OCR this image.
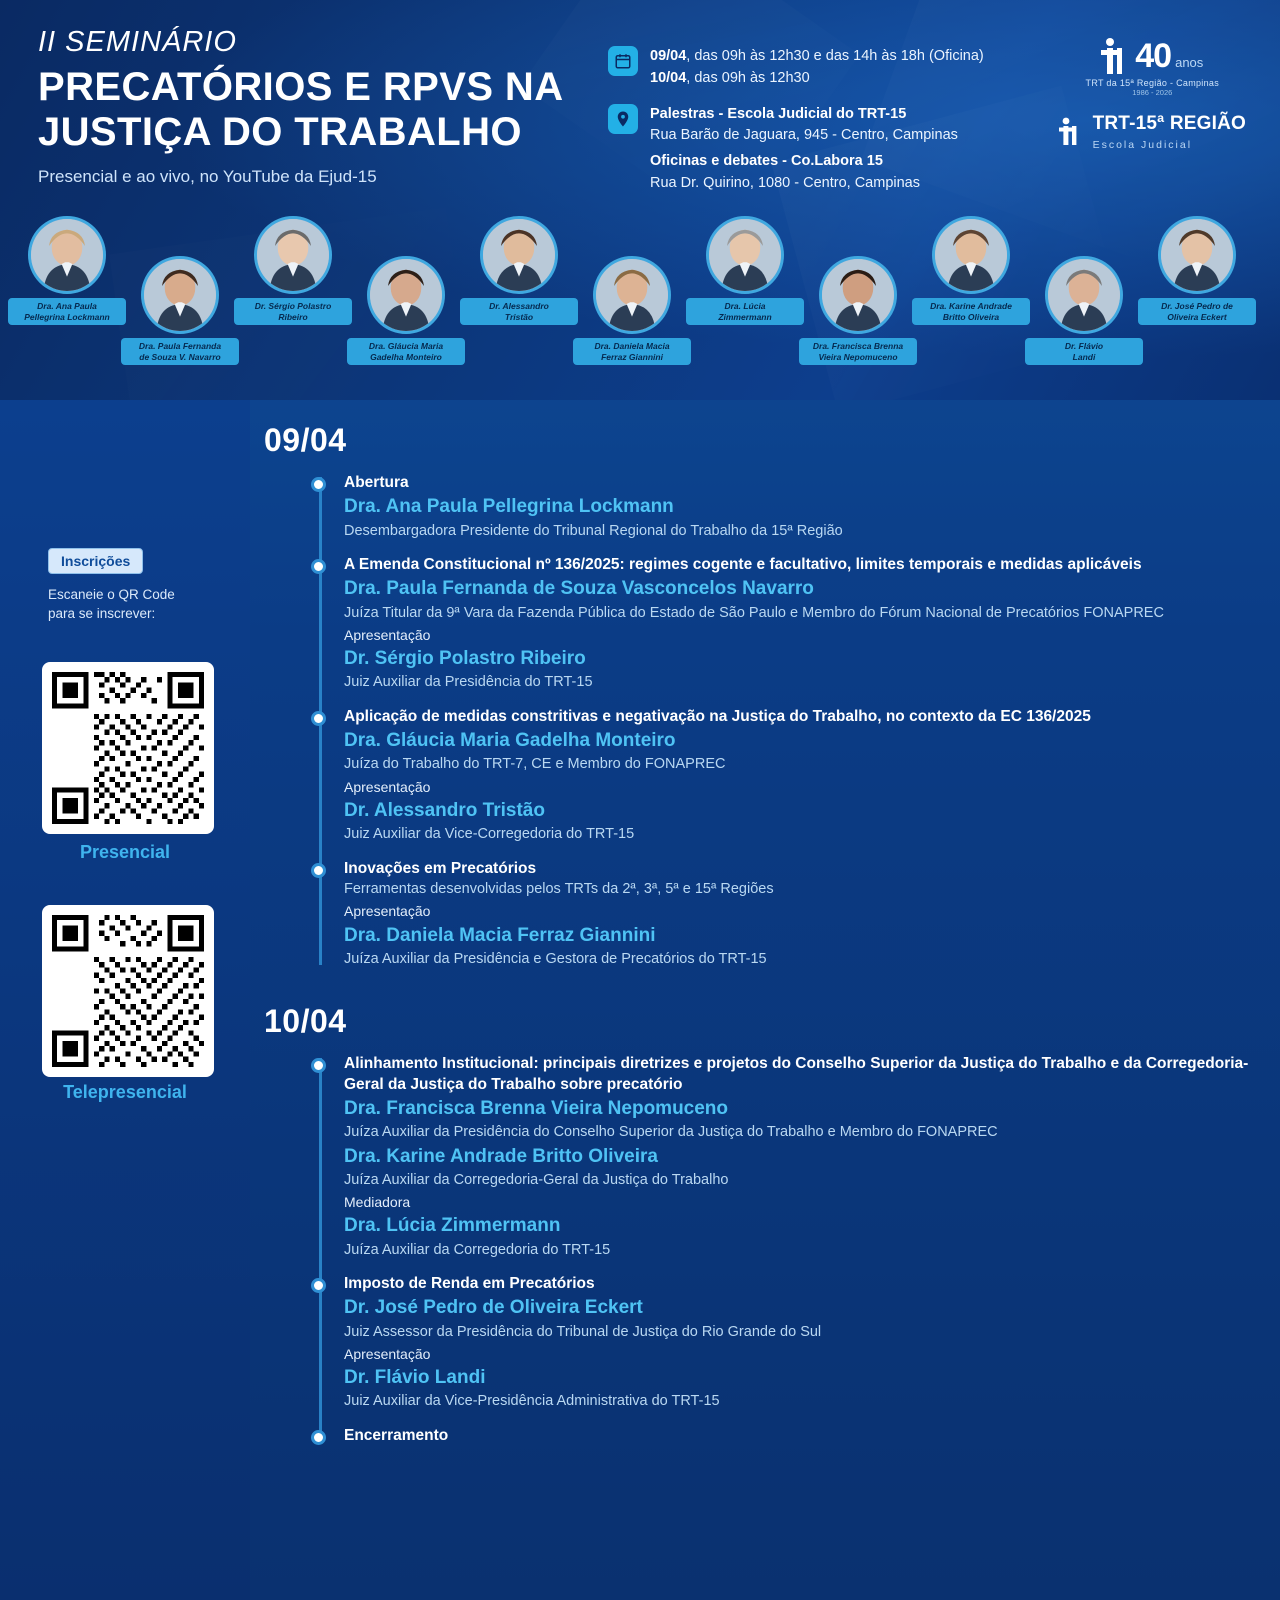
II SEMINÁRIO
PRECATÓRIOS E RPVS NA
JUSTIÇA DO TRABALHO
Presencial e ao vivo, no YouTube da Ejud-15
09/04, das 09h às 12h30 e das 14h às 18h (Oficina)
10/04, das 09h às 12h30
Palestras - Escola Judicial do TRT-15
Rua Barão de Jaguara, 945 - Centro, Campinas
Oficinas e debates - Co.Labora 15
Rua Dr. Quirino, 1080 - Centro, Campinas
40 anos
TRT da 15ª Região - Campinas
1986 - 2026
TRT-15ª REGIÃO
Escola Judicial
Dra. Ana Paula
Pellegrina Lockmann
Dra. Paula Fernanda
de Souza V. Navarro
Dr. Sérgio Polastro
Ribeiro
Dra. Gláucia Maria
Gadelha Monteiro
Dr. Alessandro
Tristão
Dra. Daniela Macia
Ferraz Giannini
Dra. Lúcia
Zimmermann
Dra. Francisca Brenna
Vieira Nepomuceno
Dra. Karine Andrade
Britto Oliveira
Dr. Flávio
Landi
Dr. José Pedro de
Oliveira Eckert
Inscrições
Escaneie o QR Code
para se inscrever:
Presencial
Telepresencial
09/04
Abertura
Dra. Ana Paula Pellegrina Lockmann
Desembargadora Presidente do Tribunal Regional do Trabalho da 15ª Região
A Emenda Constitucional nº 136/2025: regimes cogente e facultativo, limites temporais e medidas aplicáveis
Dra. Paula Fernanda de Souza Vasconcelos Navarro
Juíza Titular da 9ª Vara da Fazenda Pública do Estado de São Paulo e Membro do Fórum Nacional de Precatórios FONAPREC
Apresentação
Dr. Sérgio Polastro Ribeiro
Juiz Auxiliar da Presidência do TRT-15
Aplicação de medidas constritivas e negativação na Justiça do Trabalho, no contexto da EC 136/2025
Dra. Gláucia Maria Gadelha Monteiro
Juíza do Trabalho do TRT-7, CE e Membro do FONAPREC
Apresentação
Dr. Alessandro Tristão
Juiz Auxiliar da Vice-Corregedoria do TRT-15
Inovações em Precatórios
Ferramentas desenvolvidas pelos TRTs da 2ª, 3ª, 5ª e 15ª Regiões
Apresentação
Dra. Daniela Macia Ferraz Giannini
Juíza Auxiliar da Presidência e Gestora de Precatórios do TRT-15
10/04
Alinhamento Institucional: principais diretrizes e projetos do Conselho Superior da Justiça do Trabalho e da Corregedoria-Geral da Justiça do Trabalho sobre precatório
Dra. Francisca Brenna Vieira Nepomuceno
Juíza Auxiliar da Presidência do Conselho Superior da Justiça do Trabalho e Membro do FONAPREC
Dra. Karine Andrade Britto Oliveira
Juíza Auxiliar da Corregedoria-Geral da Justiça do Trabalho
Mediadora
Dra. Lúcia Zimmermann
Juíza Auxiliar da Corregedoria do TRT-15
Imposto de Renda em Precatórios
Dr. José Pedro de Oliveira Eckert
Juiz Assessor da Presidência do Tribunal de Justiça do Rio Grande do Sul
Apresentação
Dr. Flávio Landi
Juiz Auxiliar da Vice-Presidência Administrativa do TRT-15
Encerramento
